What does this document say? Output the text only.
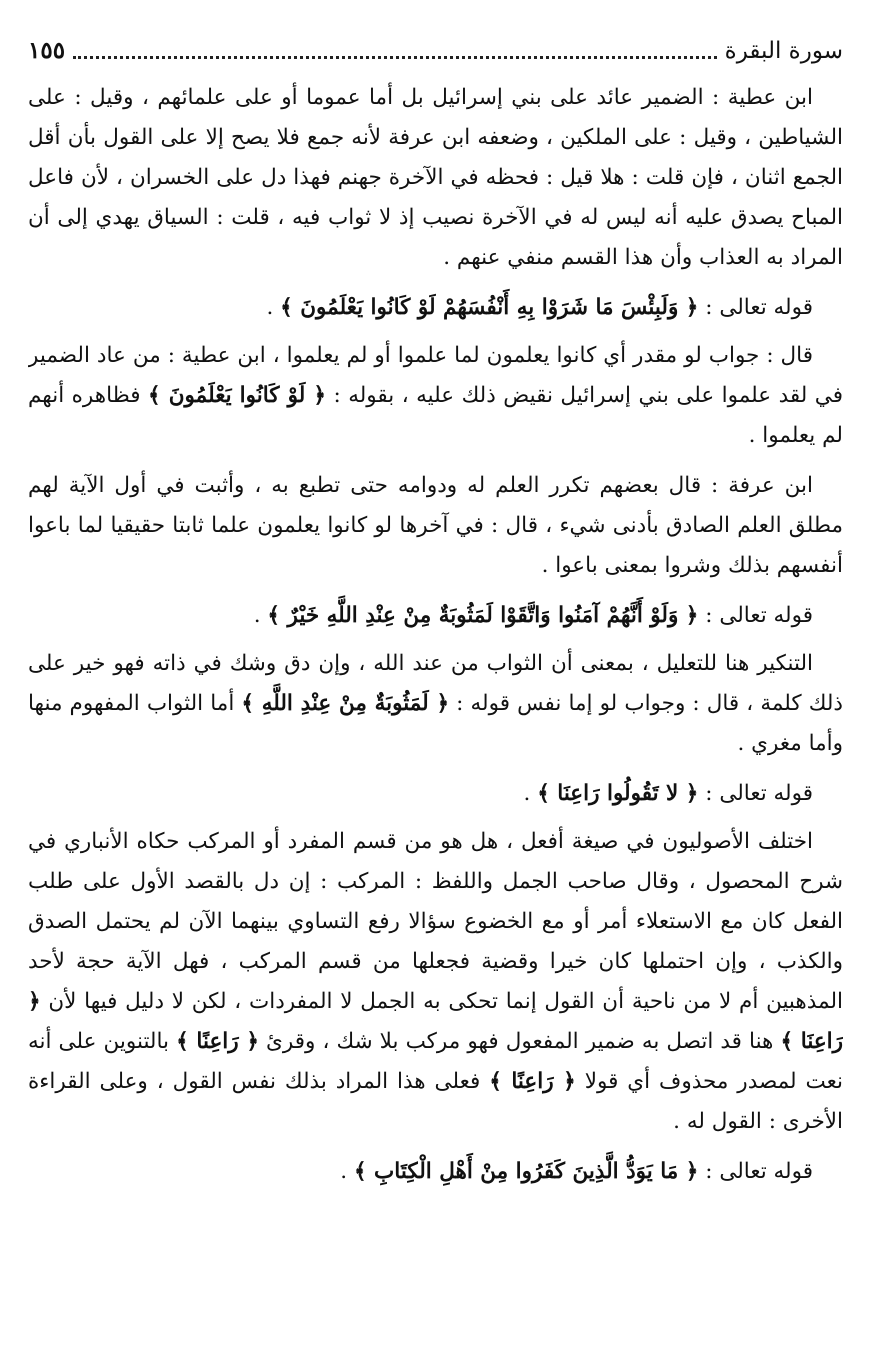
سورة البقرة
١٥٥

ابن عطية : الضمير عائد على بني إسرائيل بل أما عموما أو على علمائهم ، وقيل : على الشياطين ، وقيل : على الملكين ، وضعفه ابن عرفة لأنه جمع فلا يصح إلا على القول بأن أقل الجمع اثنان ، فإن قلت : هلا قيل : فحظه في الآخرة جهنم فهذا دل على الخسران ، لأن فاعل المباح يصدق عليه أنه ليس له في الآخرة نصيب إذ لا ثواب فيه ، قلت : السياق يهدي إلى أن المراد به العذاب وأن هذا القسم منفي عنهم .

قوله تعالى : ﴿ وَلَبِئْسَ مَا شَرَوْا بِهِ أَنْفُسَهُمْ لَوْ كَانُوا يَعْلَمُونَ ﴾ .

قال : جواب لو مقدر أي كانوا يعلمون لما علموا أو لم يعلموا ، ابن عطية : من عاد الضمير في لقد علموا على بني إسرائيل نقيض ذلك عليه ، بقوله : ﴿ لَوْ كَانُوا يَعْلَمُونَ ﴾ فظاهره أنهم لم يعلموا .

ابن عرفة : قال بعضهم تكرر العلم له ودوامه حتى تطبع به ، وأثبت في أول الآية لهم مطلق العلم الصادق بأدنى شيء ، قال : في آخرها لو كانوا يعلمون علما ثابتا حقيقيا لما باعوا أنفسهم بذلك وشروا بمعنى باعوا .

قوله تعالى : ﴿ وَلَوْ أَنَّهُمْ آمَنُوا وَاتَّقَوْا لَمَثُوبَةٌ مِنْ عِنْدِ اللَّهِ خَيْرٌ ﴾ .

التنكير هنا للتعليل ، بمعنى أن الثواب من عند الله ، وإن دق وشك في ذاته فهو خير على ذلك كلمة ، قال : وجواب لو إما نفس قوله : ﴿ لَمَثُوبَةٌ مِنْ عِنْدِ اللَّهِ ﴾ أما الثواب المفهوم منها وأما مغري .

قوله تعالى : ﴿ لا تَقُولُوا رَاعِنَا ﴾ .

اختلف الأصوليون في صيغة أفعل ، هل هو من قسم المفرد أو المركب حكاه الأنباري في شرح المحصول ، وقال صاحب الجمل واللفظ : المركب : إن دل بالقصد الأول على طلب الفعل كان مع الاستعلاء أمر أو مع الخضوع سؤالا رفع التساوي بينهما الآن لم يحتمل الصدق والكذب ، وإن احتملها كان خيرا وقضية فجعلها من قسم المركب ، فهل الآية حجة لأحد المذهبين أم لا من ناحية أن القول إنما تحكى به الجمل لا المفردات ، لكن لا دليل فيها لأن ﴿ رَاعِنَا ﴾ هنا قد اتصل به ضمير المفعول فهو مركب بلا شك ، وقرئ ﴿ رَاعِنًا ﴾ بالتنوين على أنه نعت لمصدر محذوف أي قولا ﴿ رَاعِنًا ﴾ فعلى هذا المراد بذلك نفس القول ، وعلى القراءة الأخرى : القول له .

قوله تعالى : ﴿ مَا يَوَدُّ الَّذِينَ كَفَرُوا مِنْ أَهْلِ الْكِتَابِ ﴾ .
